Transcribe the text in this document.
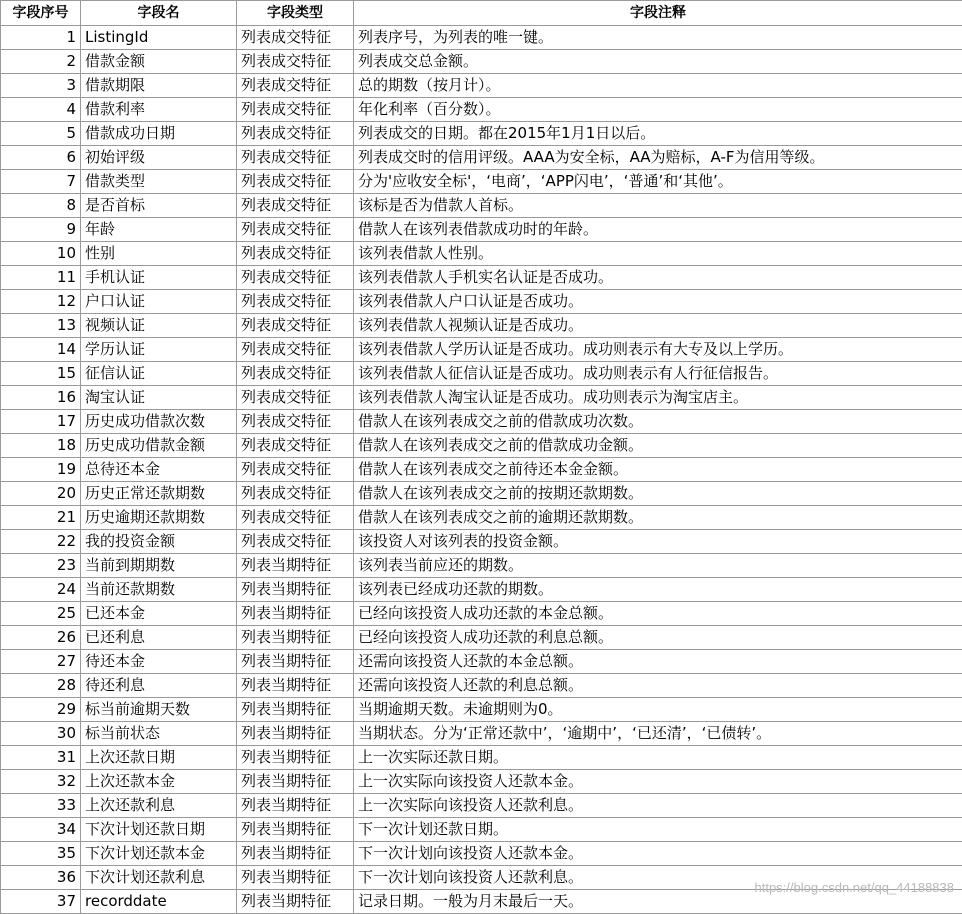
字段序号	字段名	字段类型	字段注释
1	ListingId	列表成交特征	列表序号，为列表的唯一键。
2	借款金额	列表成交特征	列表成交总金额。
3	借款期限	列表成交特征	总的期数（按月计）。
4	借款利率	列表成交特征	年化利率（百分数）。
5	借款成功日期	列表成交特征	列表成交的日期。都在2015年1月1日以后。
6	初始评级	列表成交特征	列表成交时的信用评级。AAA为安全标，AA为赔标，A-F为信用等级。
7	借款类型	列表成交特征	分为'应收安全标'，‘电商’，‘APP闪电’，‘普通’和‘其他’。
8	是否首标	列表成交特征	该标是否为借款人首标。
9	年龄	列表成交特征	借款人在该列表借款成功时的年龄。
10	性别	列表成交特征	该列表借款人性别。
11	手机认证	列表成交特征	该列表借款人手机实名认证是否成功。
12	户口认证	列表成交特征	该列表借款人户口认证是否成功。
13	视频认证	列表成交特征	该列表借款人视频认证是否成功。
14	学历认证	列表成交特征	该列表借款人学历认证是否成功。成功则表示有大专及以上学历。
15	征信认证	列表成交特征	该列表借款人征信认证是否成功。成功则表示有人行征信报告。
16	淘宝认证	列表成交特征	该列表借款人淘宝认证是否成功。成功则表示为淘宝店主。
17	历史成功借款次数	列表成交特征	借款人在该列表成交之前的借款成功次数。
18	历史成功借款金额	列表成交特征	借款人在该列表成交之前的借款成功金额。
19	总待还本金	列表成交特征	借款人在该列表成交之前待还本金金额。
20	历史正常还款期数	列表成交特征	借款人在该列表成交之前的按期还款期数。
21	历史逾期还款期数	列表成交特征	借款人在该列表成交之前的逾期还款期数。
22	我的投资金额	列表成交特征	该投资人对该列表的投资金额。
23	当前到期期数	列表当期特征	该列表当前应还的期数。
24	当前还款期数	列表当期特征	该列表已经成功还款的期数。
25	已还本金	列表当期特征	已经向该投资人成功还款的本金总额。
26	已还利息	列表当期特征	已经向该投资人成功还款的利息总额。
27	待还本金	列表当期特征	还需向该投资人还款的本金总额。
28	待还利息	列表当期特征	还需向该投资人还款的利息总额。
29	标当前逾期天数	列表当期特征	当期逾期天数。未逾期则为0。
30	标当前状态	列表当期特征	当期状态。分为‘正常还款中’，‘逾期中’，‘已还清’，‘已债转’。
31	上次还款日期	列表当期特征	上一次实际还款日期。
32	上次还款本金	列表当期特征	上一次实际向该投资人还款本金。
33	上次还款利息	列表当期特征	上一次实际向该投资人还款利息。
34	下次计划还款日期	列表当期特征	下一次计划还款日期。
35	下次计划还款本金	列表当期特征	下一次计划向该投资人还款本金。
36	下次计划还款利息	列表当期特征	下一次计划向该投资人还款利息。
37	recorddate	列表当期特征	记录日期。一般为月末最后一天。
https://blog.csdn.net/qq_44188838
